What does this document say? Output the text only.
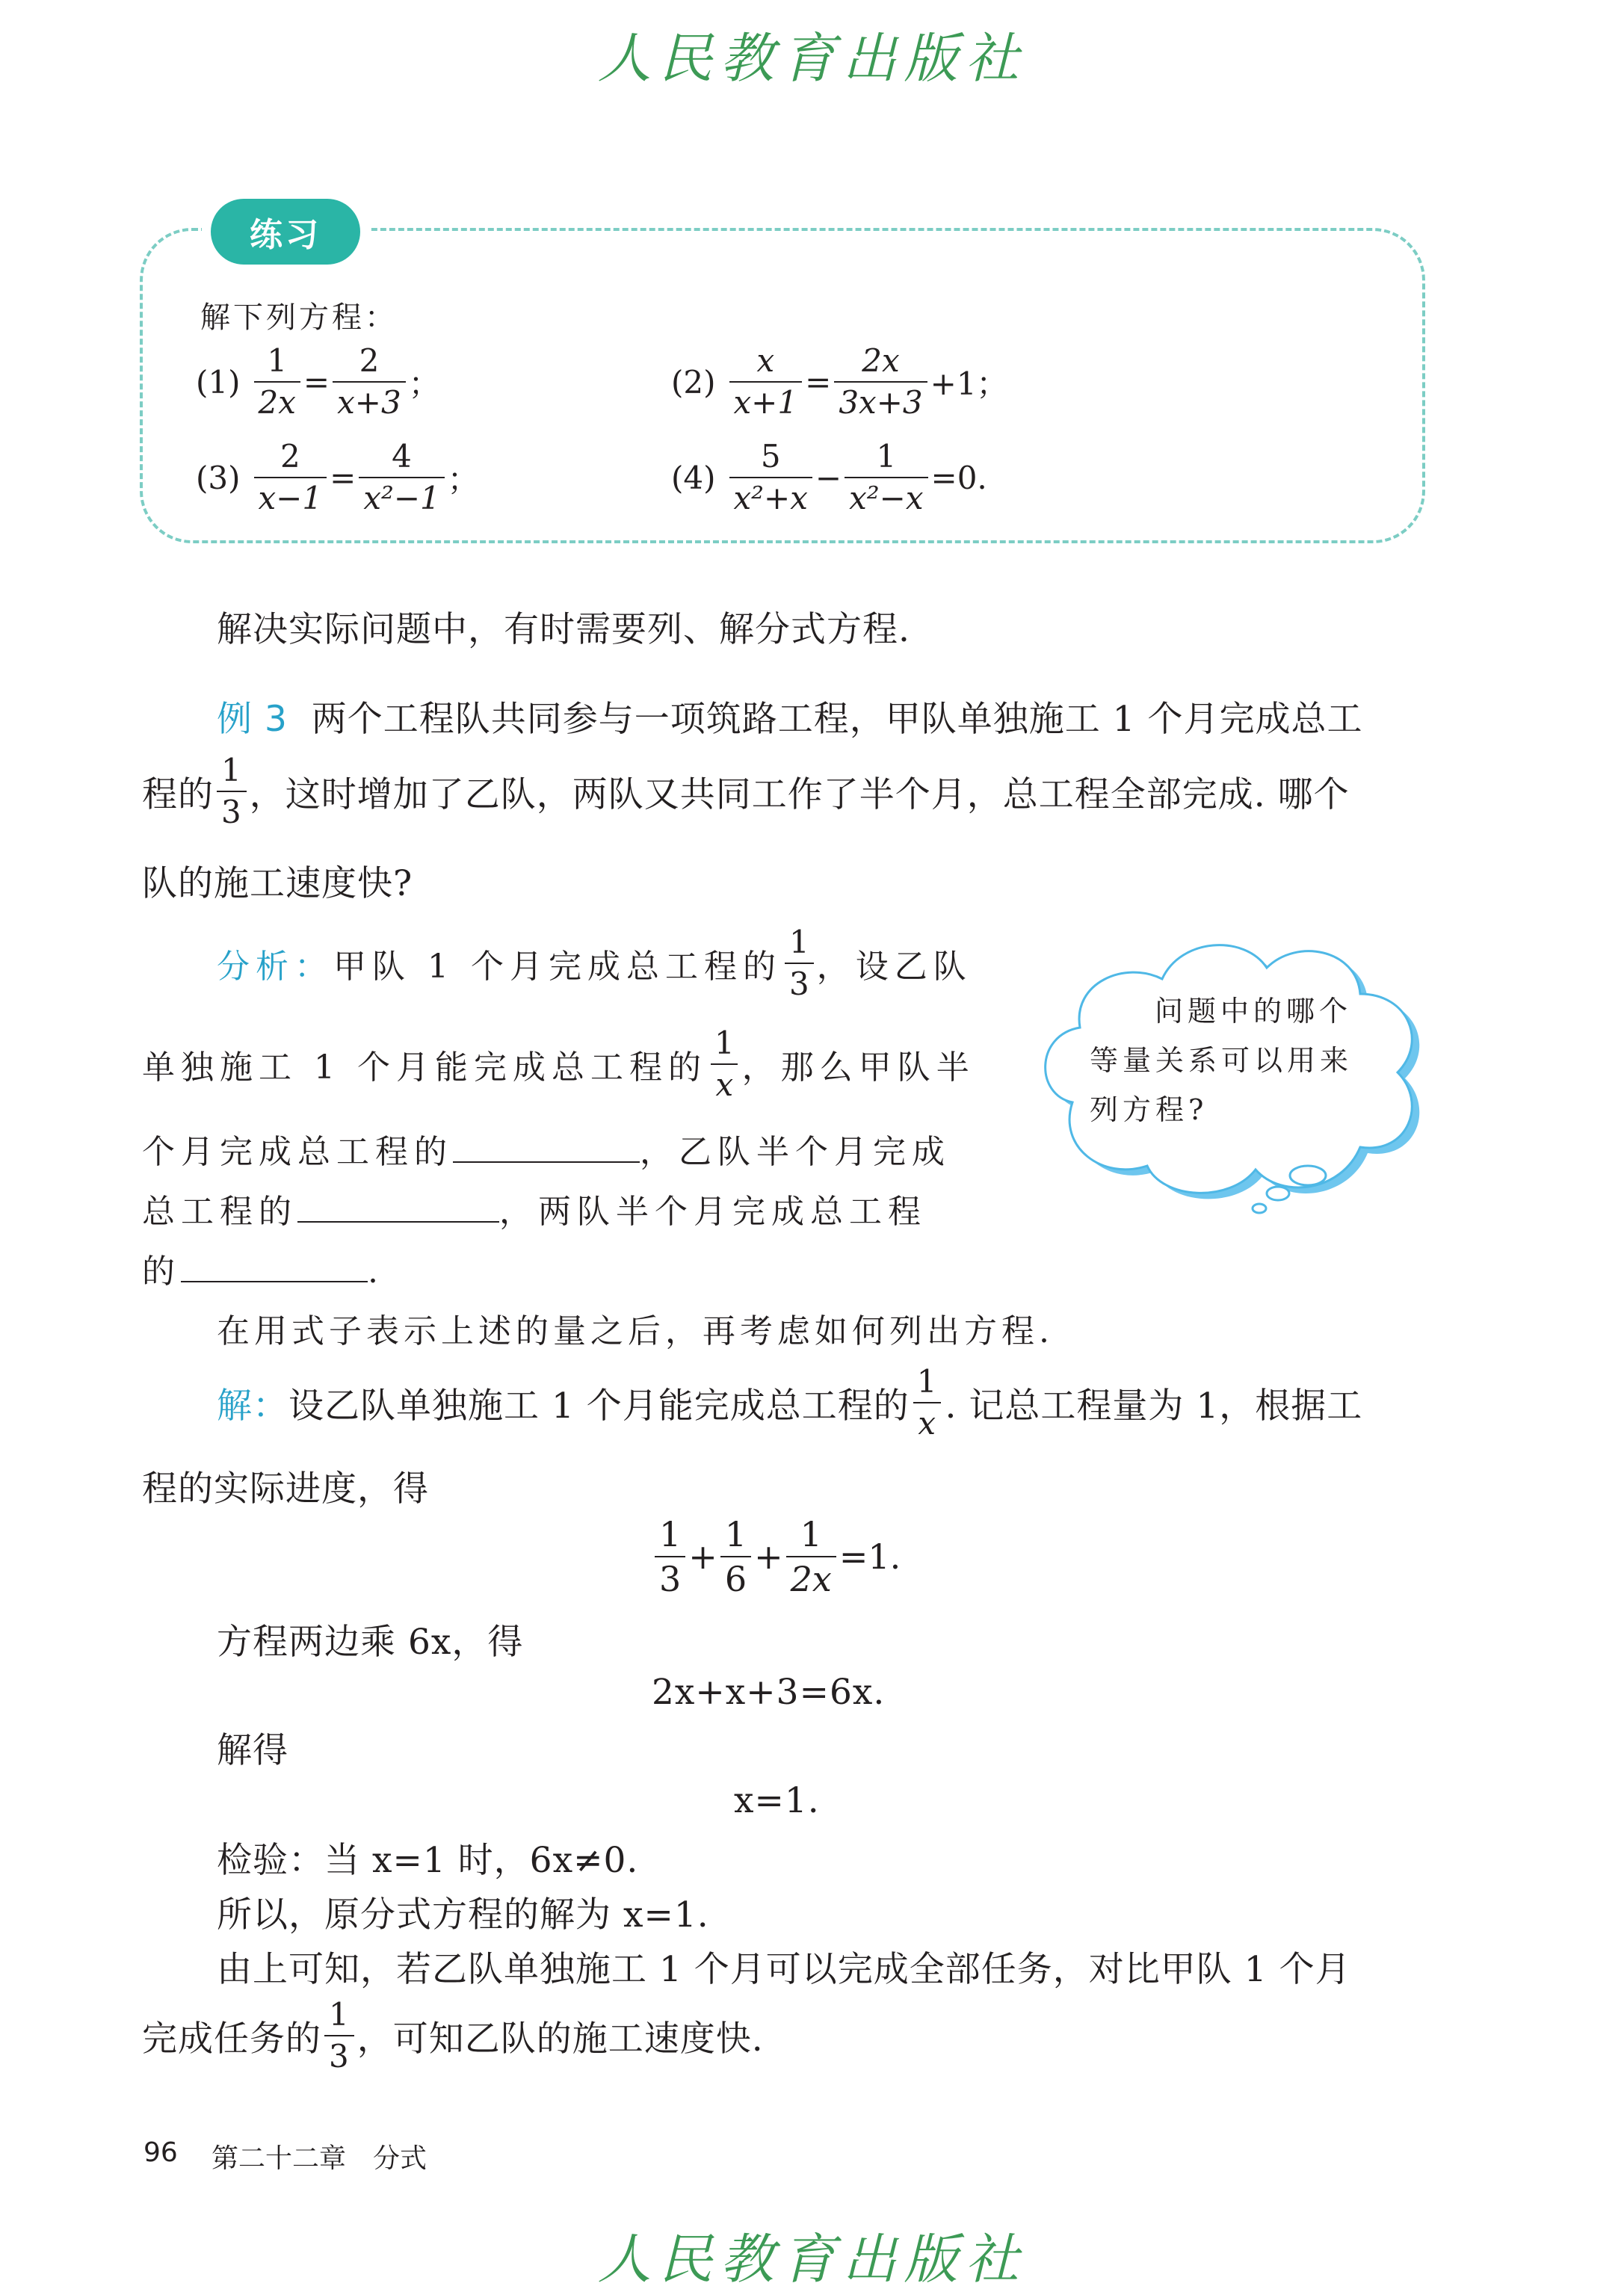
人民教育出版社
练习
解下列方程：
$(1) \frac{1}{2x} = \frac{2}{x+3}$ ；	$(2) \frac{x}{x+1} = \frac{2x}{3x+3} +1$；
$(3) \frac{2}{x-1} = \frac{4}{\text{x²−1}}$ ；	$(4) \frac{5}{\text{x²+x}} - \frac{1}{\text{x²−x}} =0$.
解决实际问题中，有时需要列、解分式方程.
例 3 两个工程队共同参与一项筑路工程，甲队单独施工 1 个月完成总工
程的 $\frac{1}{3}$ ，这时增加了乙队，两队又共同工作了半个月，总工程全部完成. 哪个
队的施工速度快?
分析： 甲队 1 个月完成总工程的 $\frac{1}{3}$ ，设乙队
单独施工 1 个月能完成总工程的 $\frac{1}{x}$ ，那么甲队半
个月完成总工程的	，乙队半个月完成
总工程的	，两队半个月完成总工程
的	.
在用式子表示上述的量之后，再考虑如何列出方程.
问题中的哪个
等量关系可以用来
列方程?
解： 设乙队单独施工 1 个月能完成总工程的 $\frac{1}{x}$ . 记总工程量为 1，根据工
程的实际进度，得
$\frac{1}{3} + \frac{1}{6} + \frac{1}{2x} =1$.
方程两边乘 6x，得
2x+x+3=6x.
解得
x=1.
检验：当 x=1 时，6x≠0.
所以，原分式方程的解为 x=1.
由上可知，若乙队单独施工 1 个月可以完成全部任务，对比甲队 1 个月
完成任务的 $\frac{1}{3}$ ，可知乙队的施工速度快.
96 第二十二章　分式
人民教育出版社
